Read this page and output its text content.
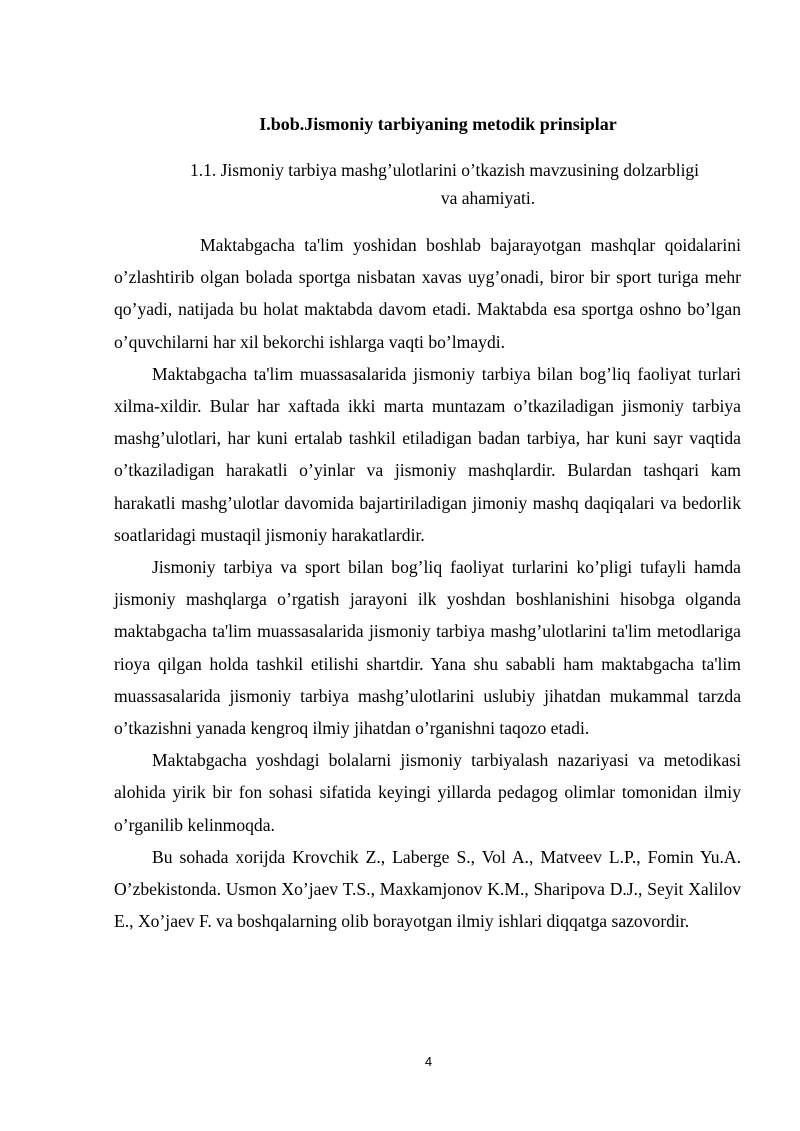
I.bob.Jismoniy tarbiyaning metodik prinsiplar
1.1. Jismoniy tarbiya mashg’ulotlarini o’tkazish mavzusining dolzarbligi
va ahamiyati.

Maktabgacha ta'lim yoshidan boshlab bajarayotgan mashqlar qoidalarini o’zlashtirib olgan bolada sportga nisbatan xavas uyg’onadi, biror bir sport turiga mehr qo’yadi, natijada bu holat maktabda davom etadi. Maktabda esa sportga oshno bo’lgan o’quvchilarni har xil bekorchi ishlarga vaqti bo’lmaydi.

Maktabgacha ta'lim muassasalarida jismoniy tarbiya bilan bog’liq faoliyat turlari xilma-xildir. Bular har xaftada ikki marta muntazam o’tkaziladigan jismoniy tarbiya mashg’ulotlari, har kuni ertalab tashkil etiladigan badan tarbiya, har kuni sayr vaqtida o’tkaziladigan harakatli o’yinlar va jismoniy mashqlardir. Bulardan tashqari kam harakatli mashg’ulotlar davomida bajartiriladigan jimoniy mashq daqiqalari va bedorlik soatlaridagi mustaqil jismoniy harakatlardir.

Jismoniy tarbiya va sport bilan bog’liq faoliyat turlarini ko’pligi tufayli hamda jismoniy mashqlarga o’rgatish jarayoni ilk yoshdan boshlanishini hisobga olganda maktabgacha ta'lim muassasalarida jismoniy tarbiya mashg’ulotlarini ta'lim metodlariga rioya qilgan holda tashkil etilishi shartdir. Yana shu sababli ham maktabgacha ta'lim muassasalarida jismoniy tarbiya mashg’ulotlarini uslubiy jihatdan mukammal tarzda o’tkazishni yanada kengroq ilmiy jihatdan o’rganishni taqozo etadi.

Maktabgacha yoshdagi bolalarni jismoniy tarbiyalash nazariyasi va metodikasi alohida yirik bir fon sohasi sifatida keyingi yillarda pedagog olimlar tomonidan ilmiy o’rganilib kelinmoqda.

Bu sohada xorijda Krovchik Z., Laberge S., Vol A., Matveev L.P., Fomin Yu.A. O’zbekistonda. Usmon Xo’jaev T.S., Maxkamjonov K.M., Sharipova D.J., Seyit Xalilov E., Xo’jaev F. va boshqalarning olib borayotgan ilmiy ishlari diqqatga sazovordir.

4
